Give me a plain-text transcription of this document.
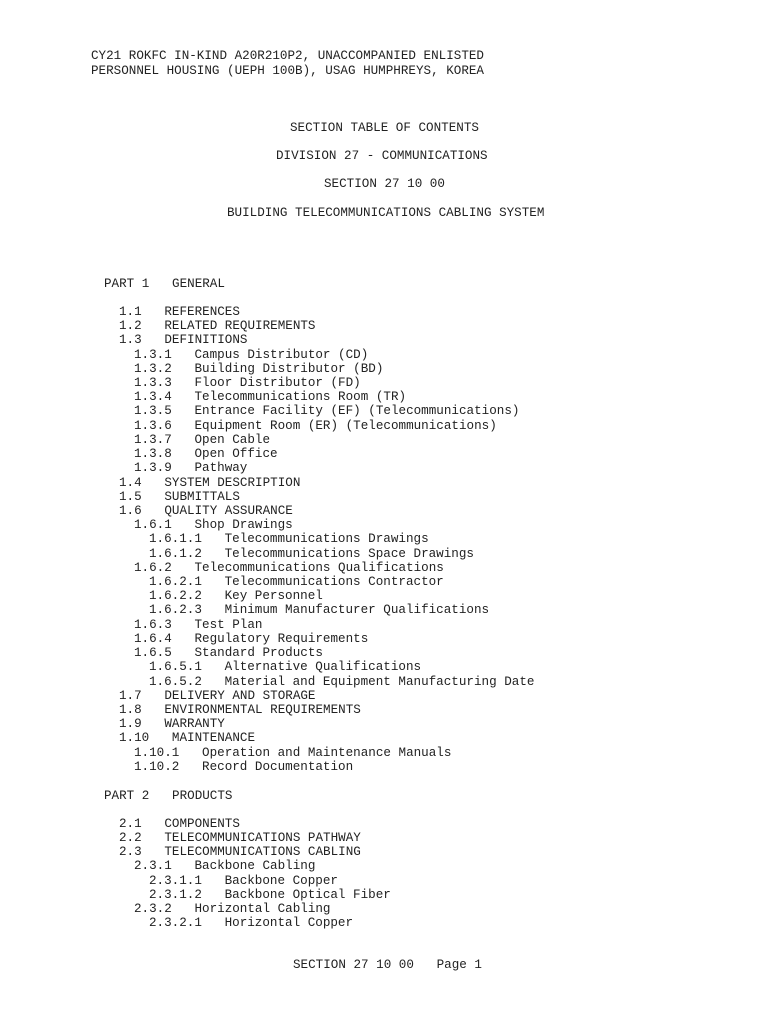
CY21 ROKFC IN-KIND A20R210P2, UNACCOMPANIED ENLISTED
PERSONNEL HOUSING (UEPH 100B), USAG HUMPHREYS, KOREA
SECTION TABLE OF CONTENTS
DIVISION 27 - COMMUNICATIONS
SECTION 27 10 00
BUILDING TELECOMMUNICATIONS CABLING SYSTEM
PART 1   GENERAL
1.1   REFERENCES
1.2   RELATED REQUIREMENTS
1.3   DEFINITIONS
1.3.1   Campus Distributor (CD)
1.3.2   Building Distributor (BD)
1.3.3   Floor Distributor (FD)
1.3.4   Telecommunications Room (TR)
1.3.5   Entrance Facility (EF) (Telecommunications)
1.3.6   Equipment Room (ER) (Telecommunications)
1.3.7   Open Cable
1.3.8   Open Office
1.3.9   Pathway
1.4   SYSTEM DESCRIPTION
1.5   SUBMITTALS
1.6   QUALITY ASSURANCE
1.6.1   Shop Drawings
1.6.1.1   Telecommunications Drawings
1.6.1.2   Telecommunications Space Drawings
1.6.2   Telecommunications Qualifications
1.6.2.1   Telecommunications Contractor
1.6.2.2   Key Personnel
1.6.2.3   Minimum Manufacturer Qualifications
1.6.3   Test Plan
1.6.4   Regulatory Requirements
1.6.5   Standard Products
1.6.5.1   Alternative Qualifications
1.6.5.2   Material and Equipment Manufacturing Date
1.7   DELIVERY AND STORAGE
1.8   ENVIRONMENTAL REQUIREMENTS
1.9   WARRANTY
1.10   MAINTENANCE
1.10.1   Operation and Maintenance Manuals
1.10.2   Record Documentation
PART 2   PRODUCTS
2.1   COMPONENTS
2.2   TELECOMMUNICATIONS PATHWAY
2.3   TELECOMMUNICATIONS CABLING
2.3.1   Backbone Cabling
2.3.1.1   Backbone Copper
2.3.1.2   Backbone Optical Fiber
2.3.2   Horizontal Cabling
2.3.2.1   Horizontal Copper
SECTION 27 10 00   Page 1
